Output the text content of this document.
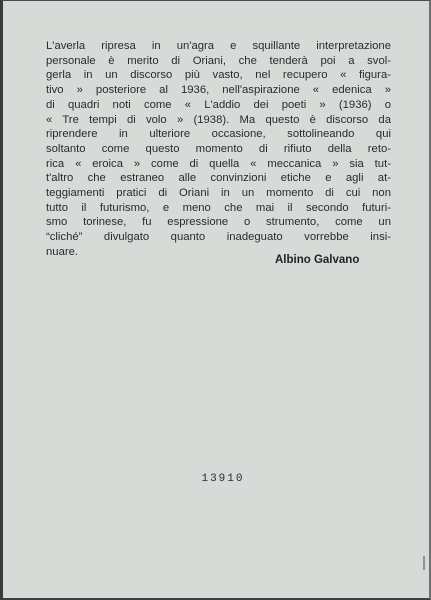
L'averla ripresa in un'agra e squillante interpretazione
personale è merito di Oriani, che tenderà poi a svol-
gerla in un discorso più vasto, nel recupero « figura-
tivo » posteriore al 1936, nell'aspirazione « edenica »
di quadri noti come « L'addio dei poeti » (1936) o
« Tre tempi di volo » (1938). Ma questo è discorso da
riprendere in ulteriore occasione, sottolineando qui
soltanto come questo momento di rifiuto della reto-
rica « eroica » come di quella « meccanica » sia tut-
t'altro che estraneo alle convinzioni etiche e agli at-
teggiamenti pratici di Oriani in un momento di cui non
tutto il futurismo, e meno che mai il secondo futuri-
smo torinese, fu espressione o strumento, come un
“cliché” divulgato quanto inadeguato vorrebbe insi-
nuare.

Albino Galvano

13910
